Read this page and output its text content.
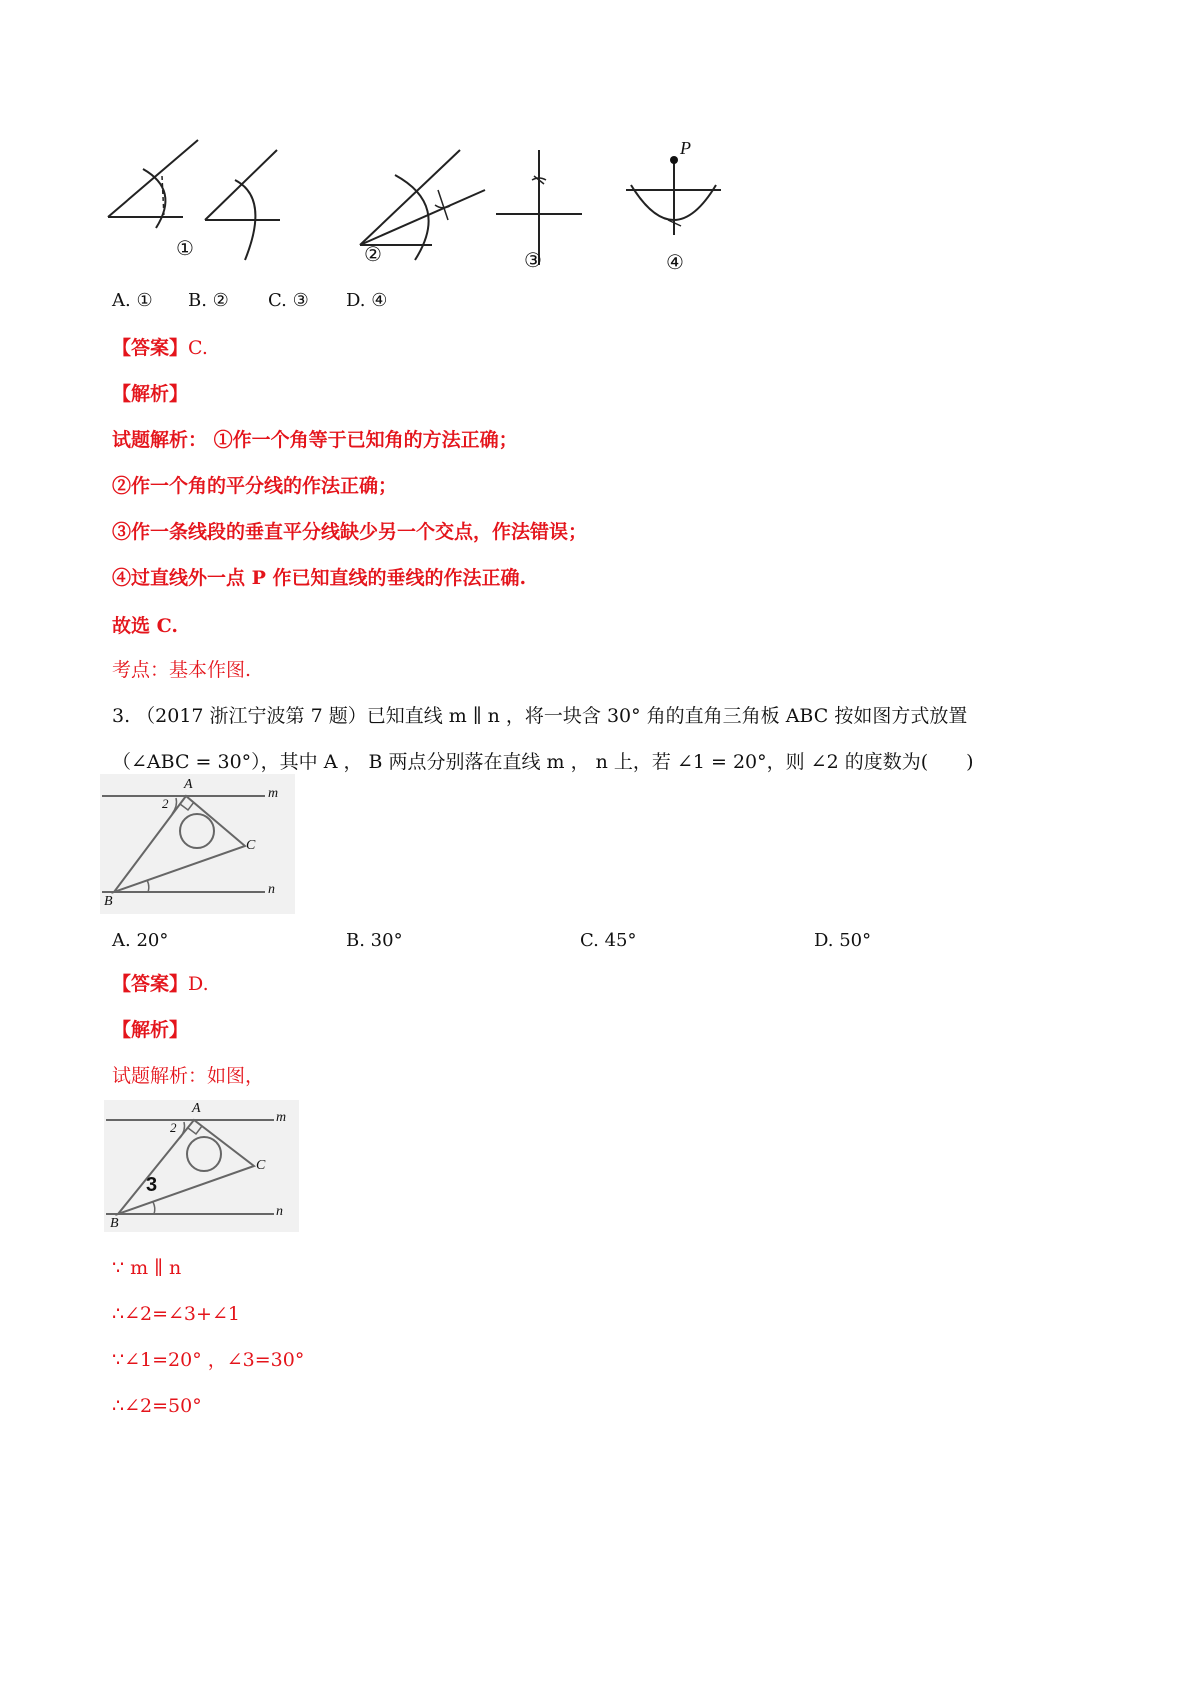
P
①	②	③	④
A. ① B. ② C. ③ D. ④
【答案】C.
【解析】
试题解析： ①作一个角等于已知角的方法正确；
②作一个角的平分线的作法正确；
③作一条线段的垂直平分线缺少另一个交点，作法错误；
④过直线外一点 P 作已知直线的垂线的作法正确.
故选 C.
考点：基本作图.
3. （2017 浙江宁波第 7 题）已知直线 m ∥ n ，将一块含 30° 角的直角三角板 ABC 按如图方式放置
（∠ABC = 30°），其中 A ， B 两点分别落在直线 m ， n 上，若 ∠1 = 20°，则 ∠2 的度数为(　　)
A
2
C
B
m
n
A. 20°	B. 30°	C. 45°	D. 50°
【答案】D.
【解析】
试题解析：如图，
A
2
3
C
B
m
n
∵ m ∥ n
∴∠2=∠3+∠1
∵∠1=20° ，∠3=30°
∴∠2=50°
